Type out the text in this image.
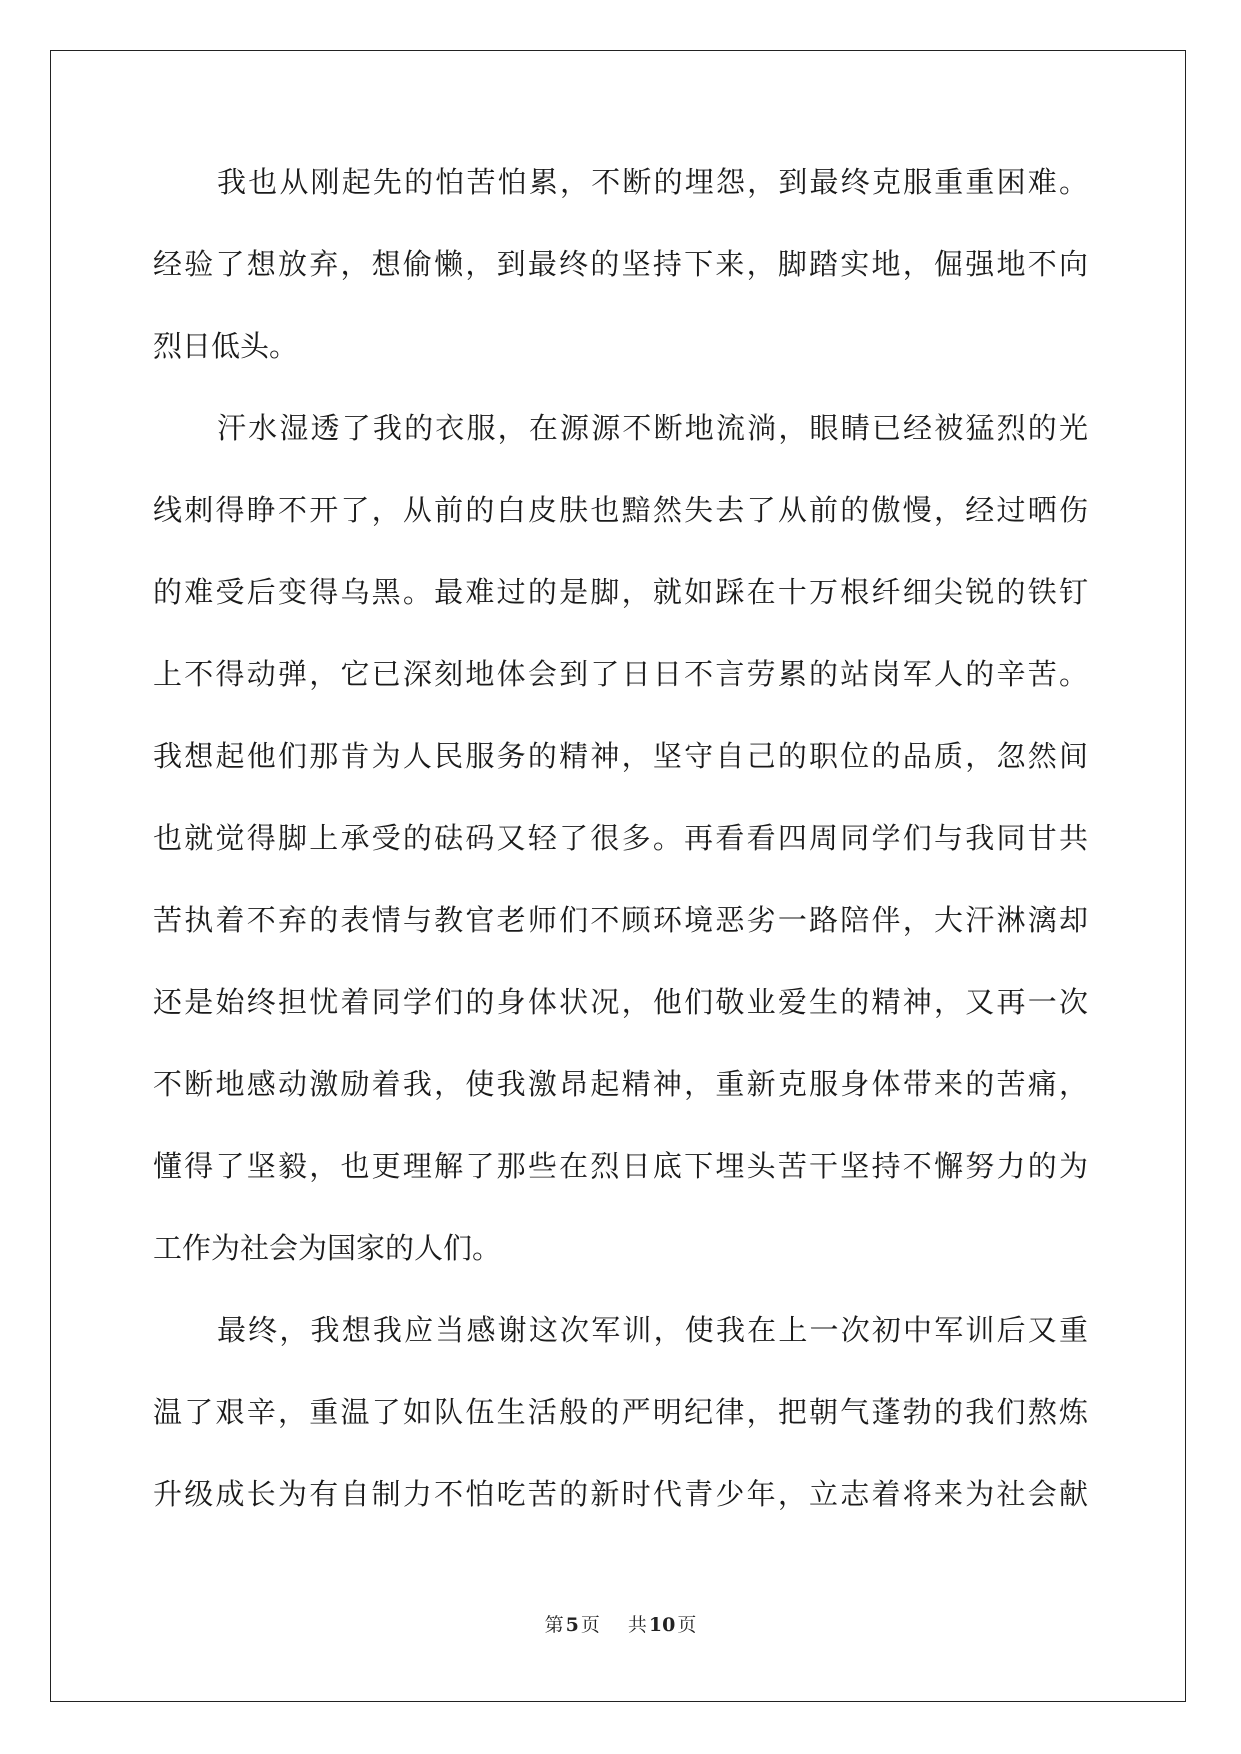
我也从刚起先的怕苦怕累，不断的埋怨，到最终克服重重困难。
经验了想放弃，想偷懒，到最终的坚持下来，脚踏实地，倔强地不向
烈日低头。
汗水湿透了我的衣服，在源源不断地流淌，眼睛已经被猛烈的光
线刺得睁不开了，从前的白皮肤也黯然失去了从前的傲慢，经过晒伤
的难受后变得乌黑。最难过的是脚，就如踩在十万根纤细尖锐的铁钉
上不得动弹，它已深刻地体会到了日日不言劳累的站岗军人的辛苦。
我想起他们那肯为人民服务的精神，坚守自己的职位的品质，忽然间
也就觉得脚上承受的砝码又轻了很多。再看看四周同学们与我同甘共
苦执着不弃的表情与教官老师们不顾环境恶劣一路陪伴，大汗淋漓却
还是始终担忧着同学们的身体状况，他们敬业爱生的精神，又再一次
不断地感动激励着我，使我激昂起精神，重新克服身体带来的苦痛，
懂得了坚毅，也更理解了那些在烈日底下埋头苦干坚持不懈努力的为
工作为社会为国家的人们。
最终，我想我应当感谢这次军训，使我在上一次初中军训后又重
温了艰辛，重温了如队伍生活般的严明纪律，把朝气蓬勃的我们熬炼
升级成长为有自制力不怕吃苦的新时代青少年，立志着将来为社会献
第 5 页 共 10 页
